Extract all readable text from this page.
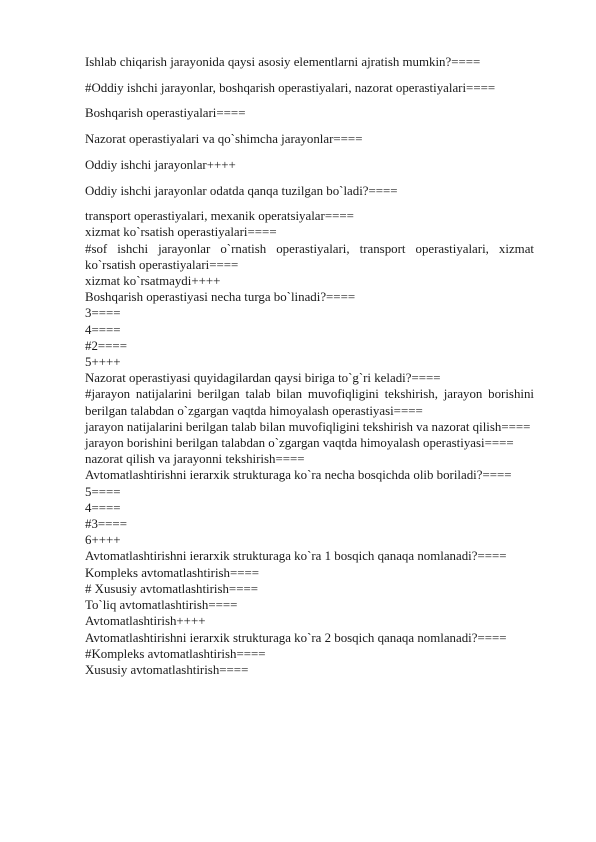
Ishlab chiqarish jarayonida qaysi asosiy elementlarni ajratish mumkin?====
#Oddiy ishchi jarayonlar, boshqarish operastiyalari, nazorat operastiyalari====
Boshqarish operastiyalari====
Nazorat operastiyalari va qo`shimcha jarayonlar====
Oddiy ishchi jarayonlar++++
Oddiy ishchi jarayonlar odatda qanqa tuzilgan bo`ladi?====
transport operastiyalari, mexanik operatsiyalar====
xizmat ko`rsatish operastiyalari====
#sof ishchi jarayonlar o`rnatish operastiyalari, transport operastiyalari, xizmat ko`rsatish operastiyalari====
xizmat ko`rsatmaydi++++
Boshqarish operastiyasi necha turga bo`linadi?====
3====
4====
#2====
5++++
Nazorat operastiyasi quyidagilardan qaysi biriga to`g`ri keladi?====
#jarayon natijalarini berilgan talab bilan muvofiqligini tekshirish, jarayon borishini berilgan talabdan o`zgargan vaqtda himoyalash operastiyasi====
jarayon natijalarini berilgan talab bilan muvofiqligini tekshirish va nazorat qilish====
jarayon borishini berilgan talabdan o`zgargan vaqtda himoyalash operastiyasi====
nazorat qilish va jarayonni tekshirish====
Avtomatlashtirishni ierarxik strukturaga ko`ra necha bosqichda olib boriladi?====
5====
4====
#3====
6++++
Avtomatlashtirishni ierarxik strukturaga ko`ra 1 bosqich qanaqa nomlanadi?====
Kompleks avtomatlashtirish====
# Xususiy avtomatlashtirish====
To`liq avtomatlashtirish====
Avtomatlashtirish++++
Avtomatlashtirishni ierarxik strukturaga ko`ra 2 bosqich qanaqa nomlanadi?====
#Kompleks avtomatlashtirish====
Xususiy avtomatlashtirish====
